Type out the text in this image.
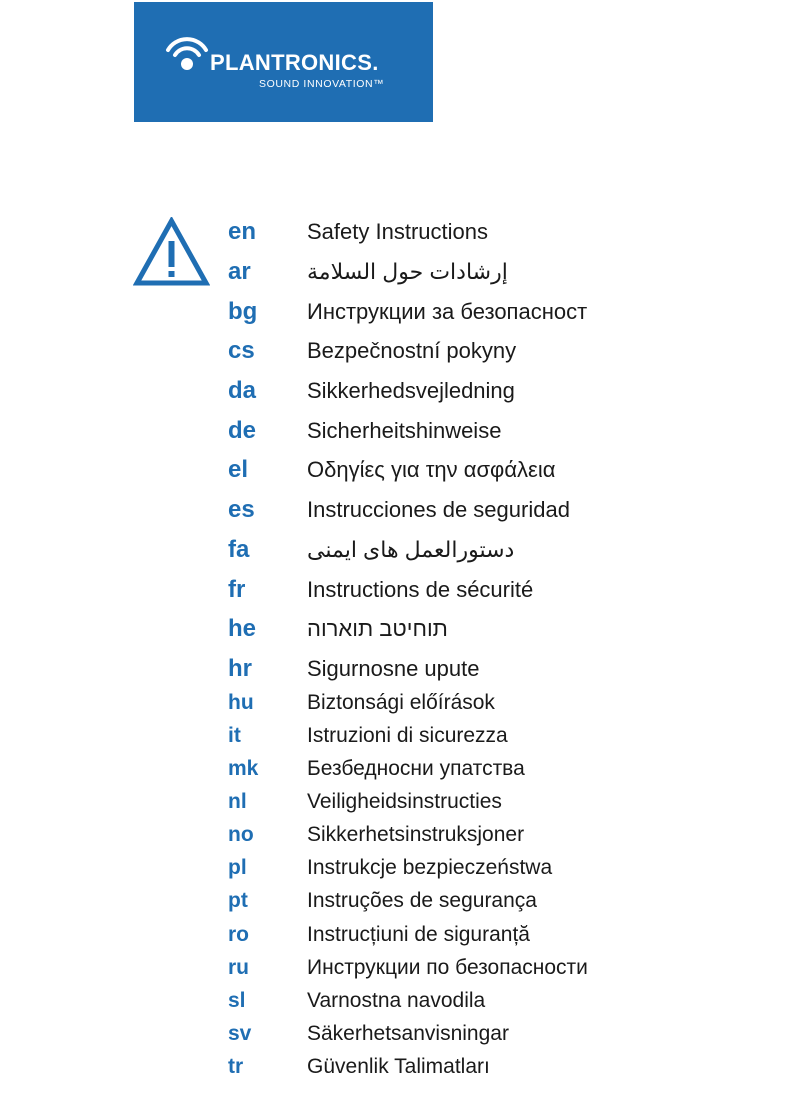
PLANTRONICS.
SOUND INNOVATION™
en Safety Instructions
ar	إرشادات حول السلامة
bg Инструкции за безопасност
cs Bezpečnostní pokyny
da Sikkerhedsvejledning
de Sicherheitshinweise
el	Οδηγίες για την ασφάλεια
es Instrucciones de seguridad
fa	دستورالعمل های ایمنی
fr	Instructions de sécurité
he תוחיטב תוארוה
hr	Sigurnosne upute
hu	Biztonsági előírások
it	Istruzioni di sicurezza
mk Безбедносни упатства
nl	Veiligheidsinstructies
no	Sikkerhetsinstruksjoner
pl	Instrukcje bezpieczeństwa
pt	Instruções de segurança
ro	Instrucțiuni de siguranță
ru	Инструкции по безопасности
sl	Varnostna navodila
sv	Säkerhetsanvisningar
tr	Güvenlik Talimatları
